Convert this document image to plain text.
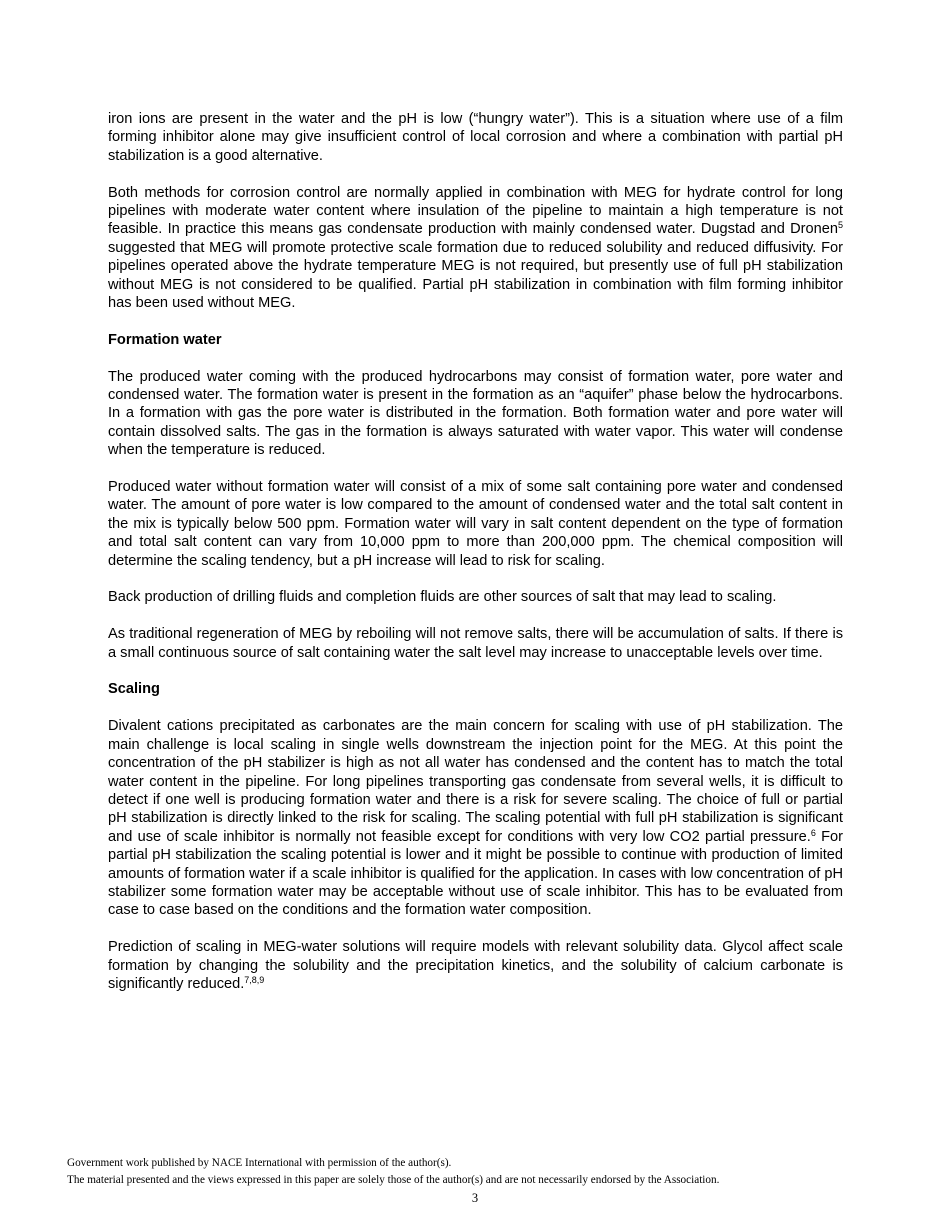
iron ions are present in the water and the pH is low (“hungry water”). This is a situation where use of a film forming inhibitor alone may give insufficient control of local corrosion and where a combination with partial pH stabilization is a good alternative.

Both methods for corrosion control are normally applied in combination with MEG for hydrate control for long pipelines with moderate water content where insulation of the pipeline to maintain a high temperature is not feasible. In practice this means gas condensate production with mainly condensed water. Dugstad and Dronen$^5$ suggested that MEG will promote protective scale formation due to reduced solubility and reduced diffusivity. For pipelines operated above the hydrate temperature MEG is not required, but presently use of full pH stabilization without MEG is not considered to be qualified. Partial pH stabilization in combination with film forming inhibitor has been used without MEG.

Formation water

The produced water coming with the produced hydrocarbons may consist of formation water, pore water and condensed water. The formation water is present in the formation as an “aquifer” phase below the hydrocarbons. In a formation with gas the pore water is distributed in the formation. Both formation water and pore water will contain dissolved salts. The gas in the formation is always saturated with water vapor. This water will condense when the temperature is reduced.

Produced water without formation water will consist of a mix of some salt containing pore water and condensed water. The amount of pore water is low compared to the amount of condensed water and the total salt content in the mix is typically below 500 ppm. Formation water will vary in salt content dependent on the type of formation and total salt content can vary from 10,000 ppm to more than 200,000 ppm. The chemical composition will determine the scaling tendency, but a pH increase will lead to risk for scaling.

Back production of drilling fluids and completion fluids are other sources of salt that may lead to scaling.

As traditional regeneration of MEG by reboiling will not remove salts, there will be accumulation of salts. If there is a small continuous source of salt containing water the salt level may increase to unacceptable levels over time.

Scaling

Divalent cations precipitated as carbonates are the main concern for scaling with use of pH stabilization. The main challenge is local scaling in single wells downstream the injection point for the MEG. At this point the concentration of the pH stabilizer is high as not all water has condensed and the content has to match the total water content in the pipeline. For long pipelines transporting gas condensate from several wells, it is difficult to detect if one well is producing formation water and there is a risk for severe scaling. The choice of full or partial pH stabilization is directly linked to the risk for scaling. The scaling potential with full pH stabilization is significant and use of scale inhibitor is normally not feasible except for conditions with very low CO2 partial pressure.$^6$ For partial pH stabilization the scaling potential is lower and it might be possible to continue with production of limited amounts of formation water if a scale inhibitor is qualified for the application. In cases with low concentration of pH stabilizer some formation water may be acceptable without use of scale inhibitor. This has to be evaluated from case to case based on the conditions and the formation water composition.

Prediction of scaling in MEG-water solutions will require models with relevant solubility data. Glycol affect scale formation by changing the solubility and the precipitation kinetics, and the solubility of calcium carbonate is significantly reduced.$^{7,8,9}$

Government work published by NACE International with permission of the author(s).
The material presented and the views expressed in this paper are solely those of the author(s) and are not necessarily endorsed by the Association.
3
